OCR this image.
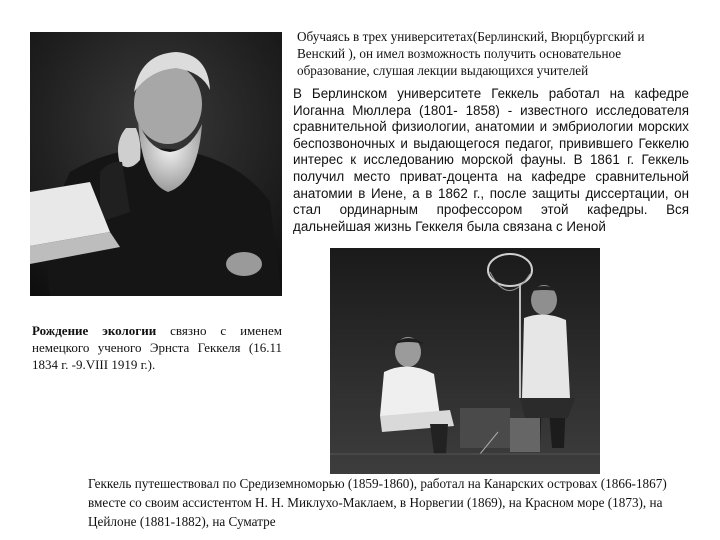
Обучаясь в трех университетах(Берлинский, Вюрцбургский и Венский ), он имел возможность получить основательное образование, слушая лекции выдающихся учителей
В Берлинском университете Геккель работал на кафедре Иоганна Мюллера (1801- 1858) - известного исследователя сравнительной физиологии, анатомии и эмбриологии морских беспозвоночных и выдающегося педагог, привившего Геккелю интерес к исследованию морской фауны. В 1861 г. Геккель получил место приват-доцента на кафедре сравнительной анатомии в Иене, а в 1862 г., после защиты диссертации, он стал ординарным профессором этой кафедры. Вся дальнейшая жизнь Геккеля была связана с Иеной
Рождение экологии связно с именем немецкого ученого Эрнста Геккеля (16.11 1834 г. -9.VIII 1919 г.).
Геккель путешествовал по Средиземноморью (1859-1860), работал на Канарских островах (1866-1867) вместе со своим ассистентом Н. Н. Миклухо-Маклаем, в Норвегии (1869), на Красном море (1873), на Цейлоне (1881-1882), на Суматре
